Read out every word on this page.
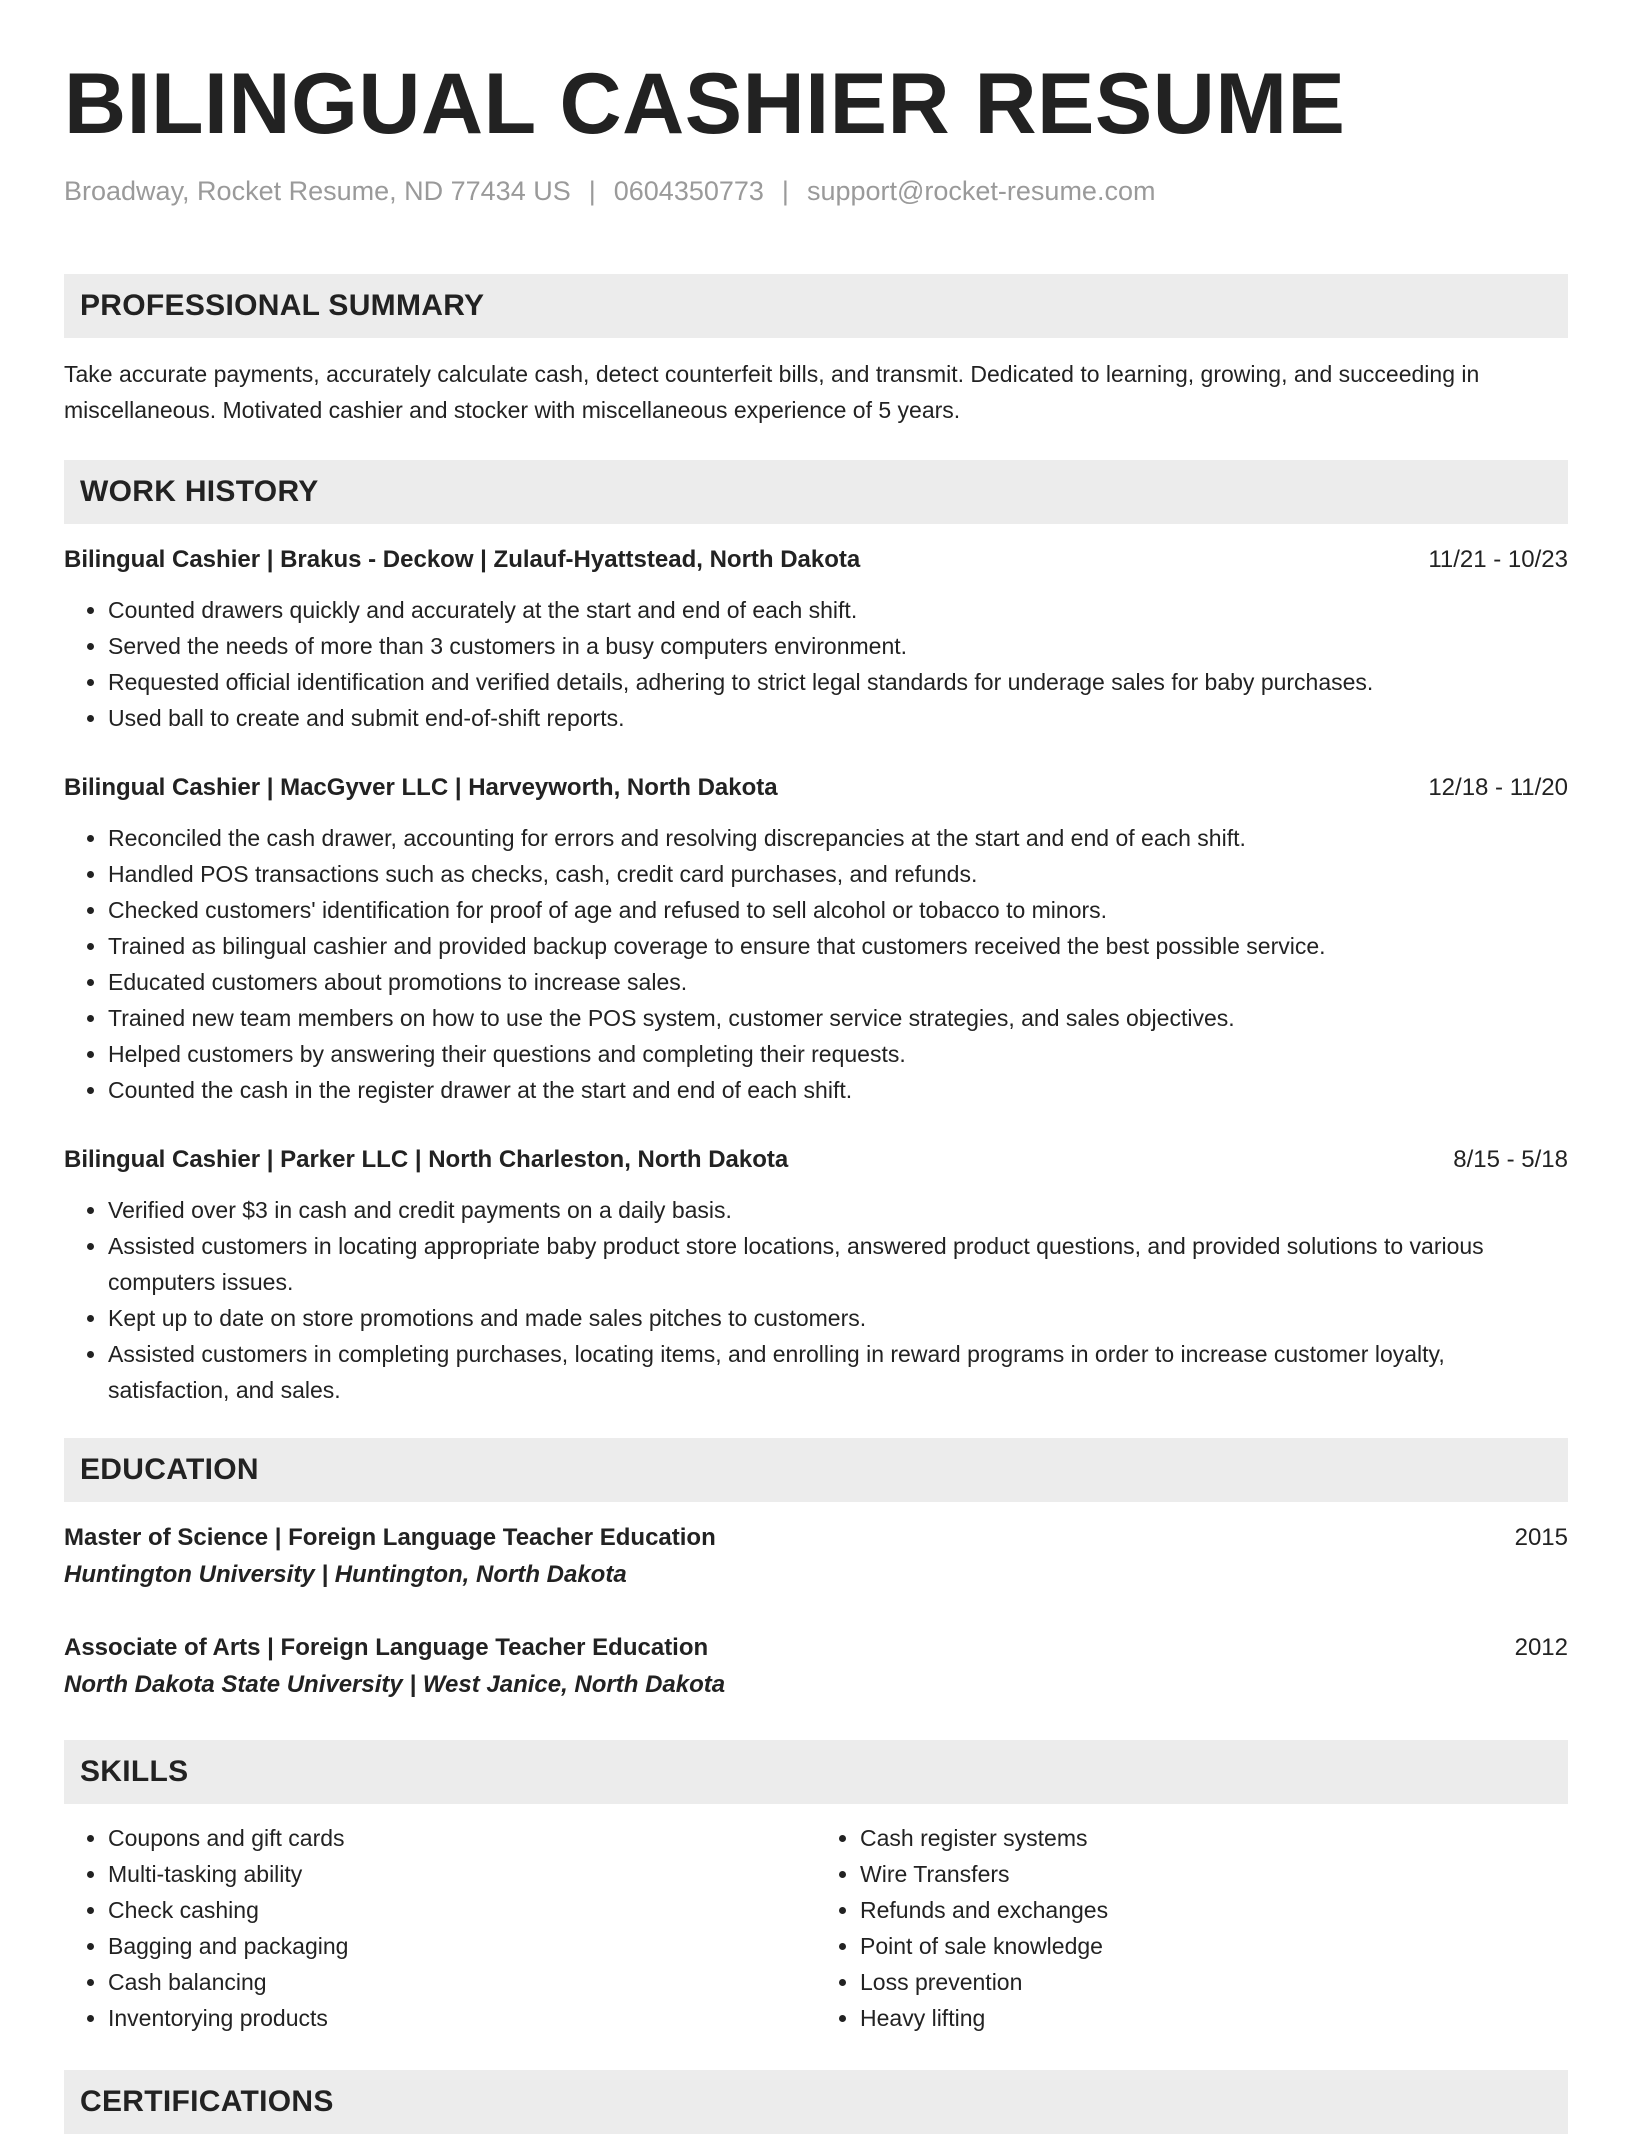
BILINGUAL CASHIER RESUME
Broadway, Rocket Resume, ND 77434 US | 0604350773 | support@rocket-resume.com
PROFESSIONAL SUMMARY
Take accurate payments, accurately calculate cash, detect counterfeit bills, and transmit. Dedicated to learning, growing, and succeeding in miscellaneous. Motivated cashier and stocker with miscellaneous experience of 5 years.
WORK HISTORY
Bilingual Cashier | Brakus - Deckow | Zulauf-Hyattstead, North Dakota	11/21 - 10/23
• Counted drawers quickly and accurately at the start and end of each shift.
• Served the needs of more than 3 customers in a busy computers environment.
• Requested official identification and verified details, adhering to strict legal standards for underage sales for baby purchases.
• Used ball to create and submit end-of-shift reports.
Bilingual Cashier | MacGyver LLC | Harveyworth, North Dakota	12/18 - 11/20
• Reconciled the cash drawer, accounting for errors and resolving discrepancies at the start and end of each shift.
• Handled POS transactions such as checks, cash, credit card purchases, and refunds.
• Checked customers' identification for proof of age and refused to sell alcohol or tobacco to minors.
• Trained as bilingual cashier and provided backup coverage to ensure that customers received the best possible service.
• Educated customers about promotions to increase sales.
• Trained new team members on how to use the POS system, customer service strategies, and sales objectives.
• Helped customers by answering their questions and completing their requests.
• Counted the cash in the register drawer at the start and end of each shift.
Bilingual Cashier | Parker LLC | North Charleston, North Dakota	8/15 - 5/18
• Verified over $3 in cash and credit payments on a daily basis.
• Assisted customers in locating appropriate baby product store locations, answered product questions, and provided solutions to various computers issues.
• Kept up to date on store promotions and made sales pitches to customers.
• Assisted customers in completing purchases, locating items, and enrolling in reward programs in order to increase customer loyalty, satisfaction, and sales.
EDUCATION
Master of Science | Foreign Language Teacher Education	2015
Huntington University | Huntington, North Dakota
Associate of Arts | Foreign Language Teacher Education	2012
North Dakota State University | West Janice, North Dakota
SKILLS
• Coupons and gift cards
• Multi-tasking ability
• Check cashing
• Bagging and packaging
• Cash balancing
• Inventorying products
• Cash register systems
• Wire Transfers
• Refunds and exchanges
• Point of sale knowledge
• Loss prevention
• Heavy lifting
CERTIFICATIONS
